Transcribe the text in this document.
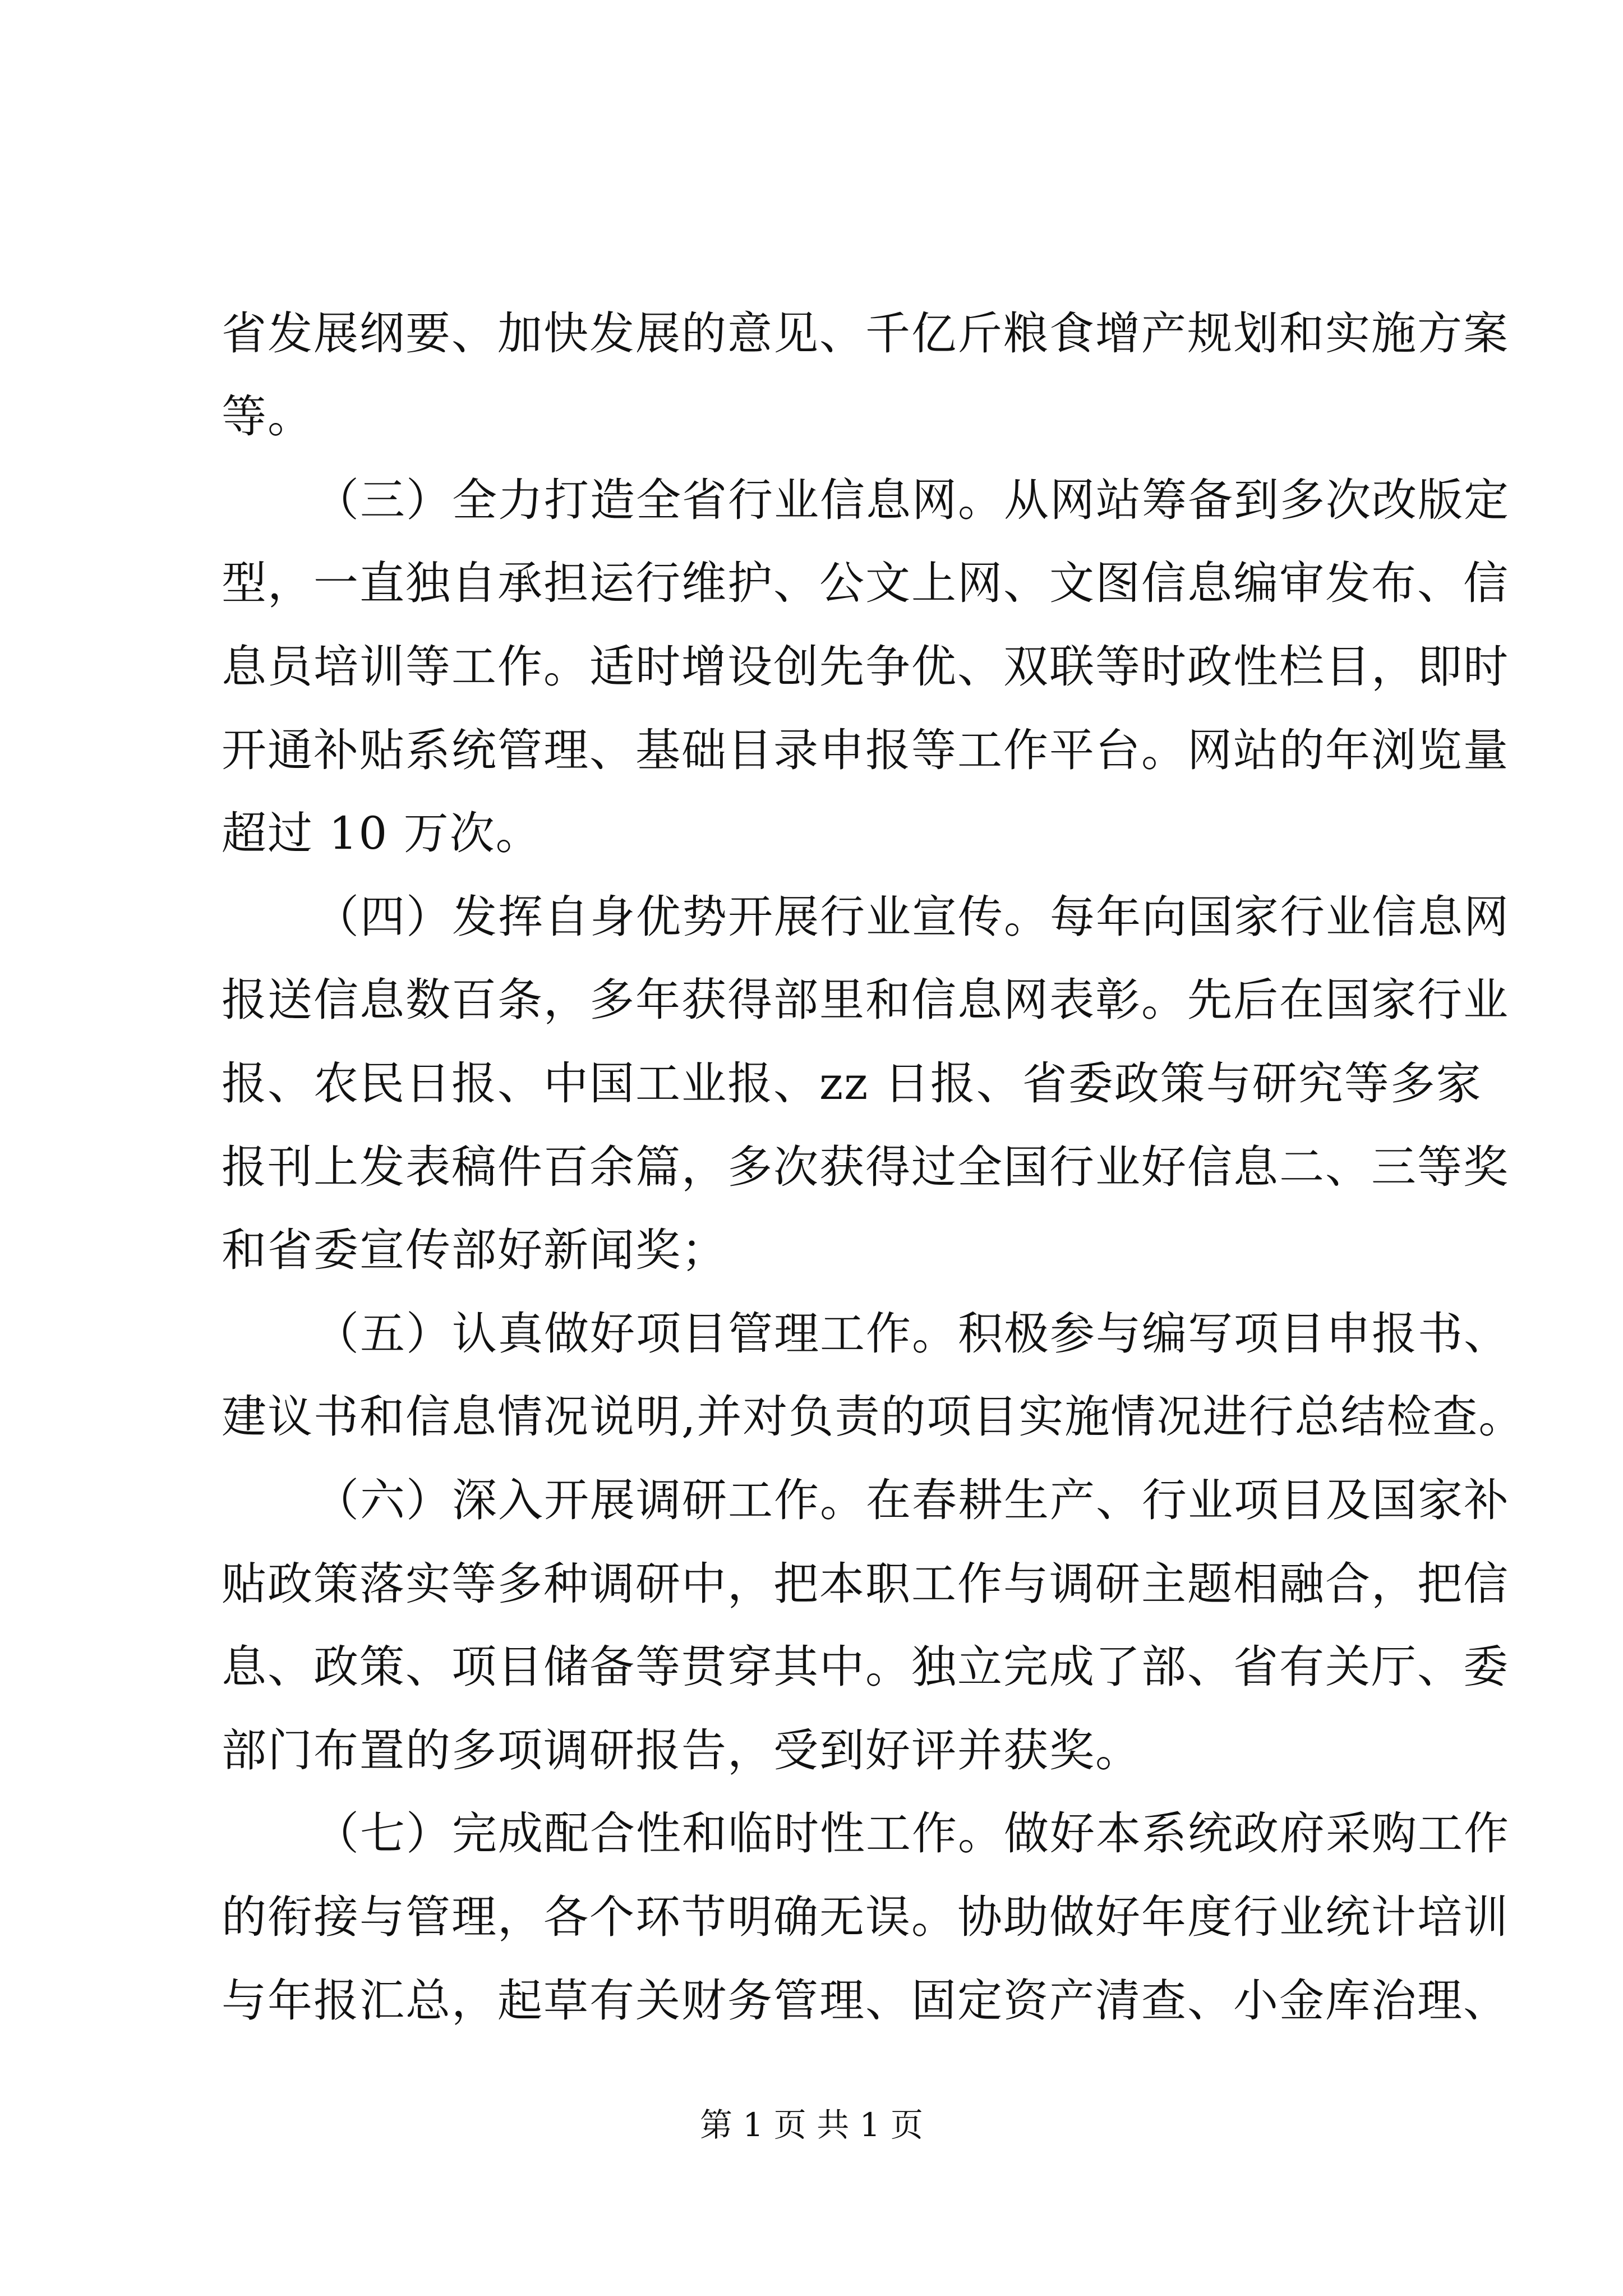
省发展纲要、加快发展的意见、千亿斤粮食增产规划和实施方案
等。
（三）全力打造全省行业信息网。从网站筹备到多次改版定
型，一直独自承担运行维护、公文上网、文图信息编审发布、信
息员培训等工作。适时增设创先争优、双联等时政性栏目，即时
开通补贴系统管理、基础目录申报等工作平台。网站的年浏览量
超过 10 万次。
（四）发挥自身优势开展行业宣传。每年向国家行业信息网
报送信息数百条，多年获得部里和信息网表彰。先后在国家行业
报、农民日报、中国工业报、zz 日报、省委政策与研究等多家
报刊上发表稿件百余篇，多次获得过全国行业好信息二、三等奖
和省委宣传部好新闻奖；
（五）认真做好项目管理工作。积极参与编写项目申报书、
建议书和信息情况说明,并对负责的项目实施情况进行总结检查。
（六）深入开展调研工作。在春耕生产、行业项目及国家补
贴政策落实等多种调研中，把本职工作与调研主题相融合，把信
息、政策、项目储备等贯穿其中。独立完成了部、省有关厅、委
部门布置的多项调研报告，受到好评并获奖。
（七）完成配合性和临时性工作。做好本系统政府采购工作
的衔接与管理，各个环节明确无误。协助做好年度行业统计培训
与年报汇总，起草有关财务管理、固定资产清查、小金库治理、
第 1 页 共 1 页
